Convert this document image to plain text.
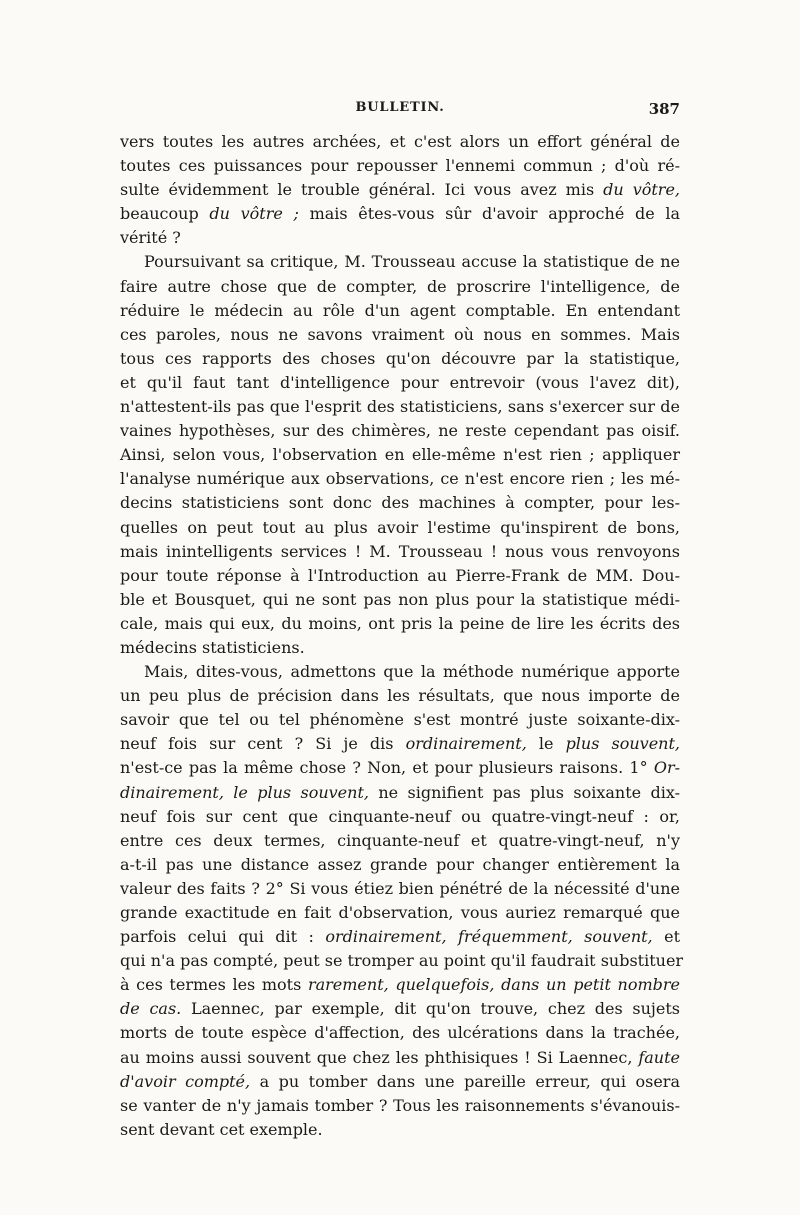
BULLETIN.	387
vers toutes les autres archées, et c'est alors un effort général de
toutes ces puissances pour repousser l'ennemi commun ; d'où ré-
sulte évidemment le trouble général. Ici vous avez mis du vôtre,
beaucoup du vôtre ; mais êtes-vous sûr d'avoir approché de la
vérité ?
Poursuivant sa critique, M. Trousseau accuse la statistique de ne
faire autre chose que de compter, de proscrire l'intelligence, de
réduire le médecin au rôle d'un agent comptable. En entendant
ces paroles, nous ne savons vraiment où nous en sommes. Mais
tous ces rapports des choses qu'on découvre par la statistique,
et qu'il faut tant d'intelligence pour entrevoir (vous l'avez dit),
n'attestent-ils pas que l'esprit des statisticiens, sans s'exercer sur de
vaines hypothèses, sur des chimères, ne reste cependant pas oisif.
Ainsi, selon vous, l'observation en elle-même n'est rien ; appliquer
l'analyse numérique aux observations, ce n'est encore rien ; les mé-
decins statisticiens sont donc des machines à compter, pour les-
quelles on peut tout au plus avoir l'estime qu'inspirent de bons,
mais inintelligents services ! M. Trousseau ! nous vous renvoyons
pour toute réponse à l'Introduction au Pierre-Frank de MM. Dou-
ble et Bousquet, qui ne sont pas non plus pour la statistique médi-
cale, mais qui eux, du moins, ont pris la peine de lire les écrits des
médecins statisticiens.
Mais, dites-vous, admettons que la méthode numérique apporte
un peu plus de précision dans les résultats, que nous importe de
savoir que tel ou tel phénomène s'est montré juste soixante-dix-
neuf fois sur cent ? Si je dis ordinairement, le plus souvent,
n'est-ce pas la même chose ? Non, et pour plusieurs raisons. 1° Or-
dinairement, le plus souvent, ne signifient pas plus soixante dix-
neuf fois sur cent que cinquante-neuf ou quatre-vingt-neuf : or,
entre ces deux termes, cinquante-neuf et quatre-vingt-neuf, n'y
a-t-il pas une distance assez grande pour changer entièrement la
valeur des faits ? 2° Si vous étiez bien pénétré de la nécessité d'une
grande exactitude en fait d'observation, vous auriez remarqué que
parfois celui qui dit : ordinairement, fréquemment, souvent, et
qui n'a pas compté, peut se tromper au point qu'il faudrait substituer
à ces termes les mots rarement, quelquefois, dans un petit nombre
de cas. Laennec, par exemple, dit qu'on trouve, chez des sujets
morts de toute espèce d'affection, des ulcérations dans la trachée,
au moins aussi souvent que chez les phthisiques ! Si Laennec, faute
d'avoir compté, a pu tomber dans une pareille erreur, qui osera
se vanter de n'y jamais tomber ? Tous les raisonnements s'évanouis-
sent devant cet exemple.
